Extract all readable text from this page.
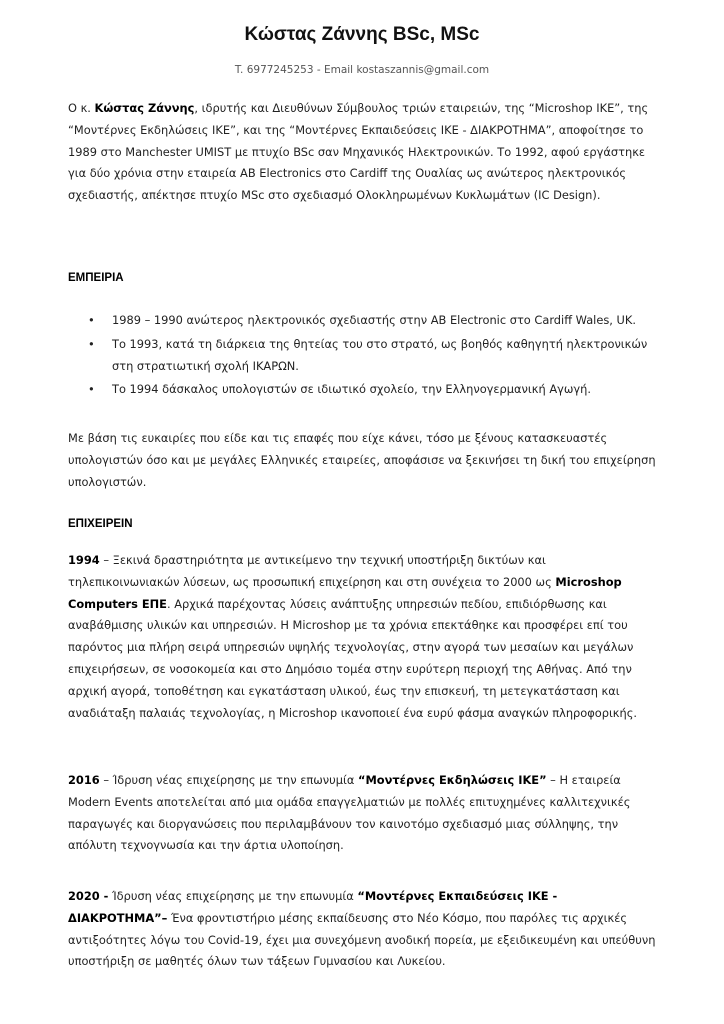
Κώστας Ζάννης BSc, MSc
T. 6977245253 - Email kostaszannis@gmail.com

Ο κ. Κώστας Ζάννης, ιδρυτής και Διευθύνων Σύμβουλος τριών εταιρειών, της “Microshop IKE”, της “Μοντέρνες Εκδηλώσεις ΙΚΕ”, και της “Μοντέρνες Εκπαιδεύσεις ΙΚΕ - ΔΙΑΚΡΟΤΗΜΑ”, αποφοίτησε το 1989 στο Manchester UMIST με πτυχίο BSc σαν Μηχανικός Ηλεκτρονικών. Το 1992, αφού εργάστηκε για δύο χρόνια στην εταιρεία AB Electronics στο Cardiff της Ουαλίας ως ανώτερος ηλεκτρονικός σχεδιαστής, απέκτησε πτυχίο MSc στο σχεδιασμό Ολοκληρωμένων Κυκλωμάτων (IC Design).

ΕΜΠΕΙΡΙΑ
• 1989 – 1990 ανώτερος ηλεκτρονικός σχεδιαστής στην AB Electronic στο Cardiff Wales, UK.
• Το 1993, κατά τη διάρκεια της θητείας του στο στρατό, ως βοηθός καθηγητή ηλεκτρονικών στη στρατιωτική σχολή ΙΚΑΡΩΝ.
• Το 1994 δάσκαλος υπολογιστών σε ιδιωτικό σχολείο, την Ελληνογερμανική Αγωγή.

Με βάση τις ευκαιρίες που είδε και τις επαφές που είχε κάνει, τόσο με ξένους κατασκευαστές υπολογιστών όσο και με μεγάλες Ελληνικές εταιρείες, αποφάσισε να ξεκινήσει τη δική του επιχείρηση υπολογιστών.

ΕΠΙΧΕΙΡΕΙΝ

1994 – Ξεκινά δραστηριότητα με αντικείμενο την τεχνική υποστήριξη δικτύων και τηλεπικοινωνιακών λύσεων, ως προσωπική επιχείρηση και στη συνέχεια το 2000 ως Microshop Computers ΕΠΕ. Αρχικά παρέχοντας λύσεις ανάπτυξης υπηρεσιών πεδίου, επιδιόρθωσης και αναβάθμισης υλικών και υπηρεσιών. Η Microshop με τα χρόνια επεκτάθηκε και προσφέρει επί του παρόντος μια πλήρη σειρά υπηρεσιών υψηλής τεχνολογίας, στην αγορά των μεσαίων και μεγάλων επιχειρήσεων, σε νοσοκομεία και στο Δημόσιο τομέα στην ευρύτερη περιοχή της Αθήνας. Από την αρχική αγορά, τοποθέτηση και εγκατάσταση υλικού, έως την επισκευή, τη μετεγκατάσταση και αναδιάταξη παλαιάς τεχνολογίας, η Microshop ικανοποιεί ένα ευρύ φάσμα αναγκών πληροφορικής.

2016 – Ίδρυση νέας επιχείρησης με την επωνυμία “Μοντέρνες Εκδηλώσεις ΙΚΕ” – Η εταιρεία Modern Events αποτελείται από μια ομάδα επαγγελματιών με πολλές επιτυχημένες καλλιτεχνικές παραγωγές και διοργανώσεις που περιλαμβάνουν τον καινοτόμο σχεδιασμό μιας σύλληψης, την απόλυτη τεχνογνωσία και την άρτια υλοποίηση.

2020 - Ίδρυση νέας επιχείρησης με την επωνυμία “Μοντέρνες Εκπαιδεύσεις ΙΚΕ - ΔΙΑΚΡΟΤΗΜΑ”– Ένα φροντιστήριο μέσης εκπαίδευσης στο Νέο Κόσμο, που παρόλες τις αρχικές αντιξοότητες λόγω του Covid-19, έχει μια συνεχόμενη ανοδική πορεία, με εξειδικευμένη και υπεύθυνη υποστήριξη σε μαθητές όλων των τάξεων Γυμνασίου και Λυκείου.
